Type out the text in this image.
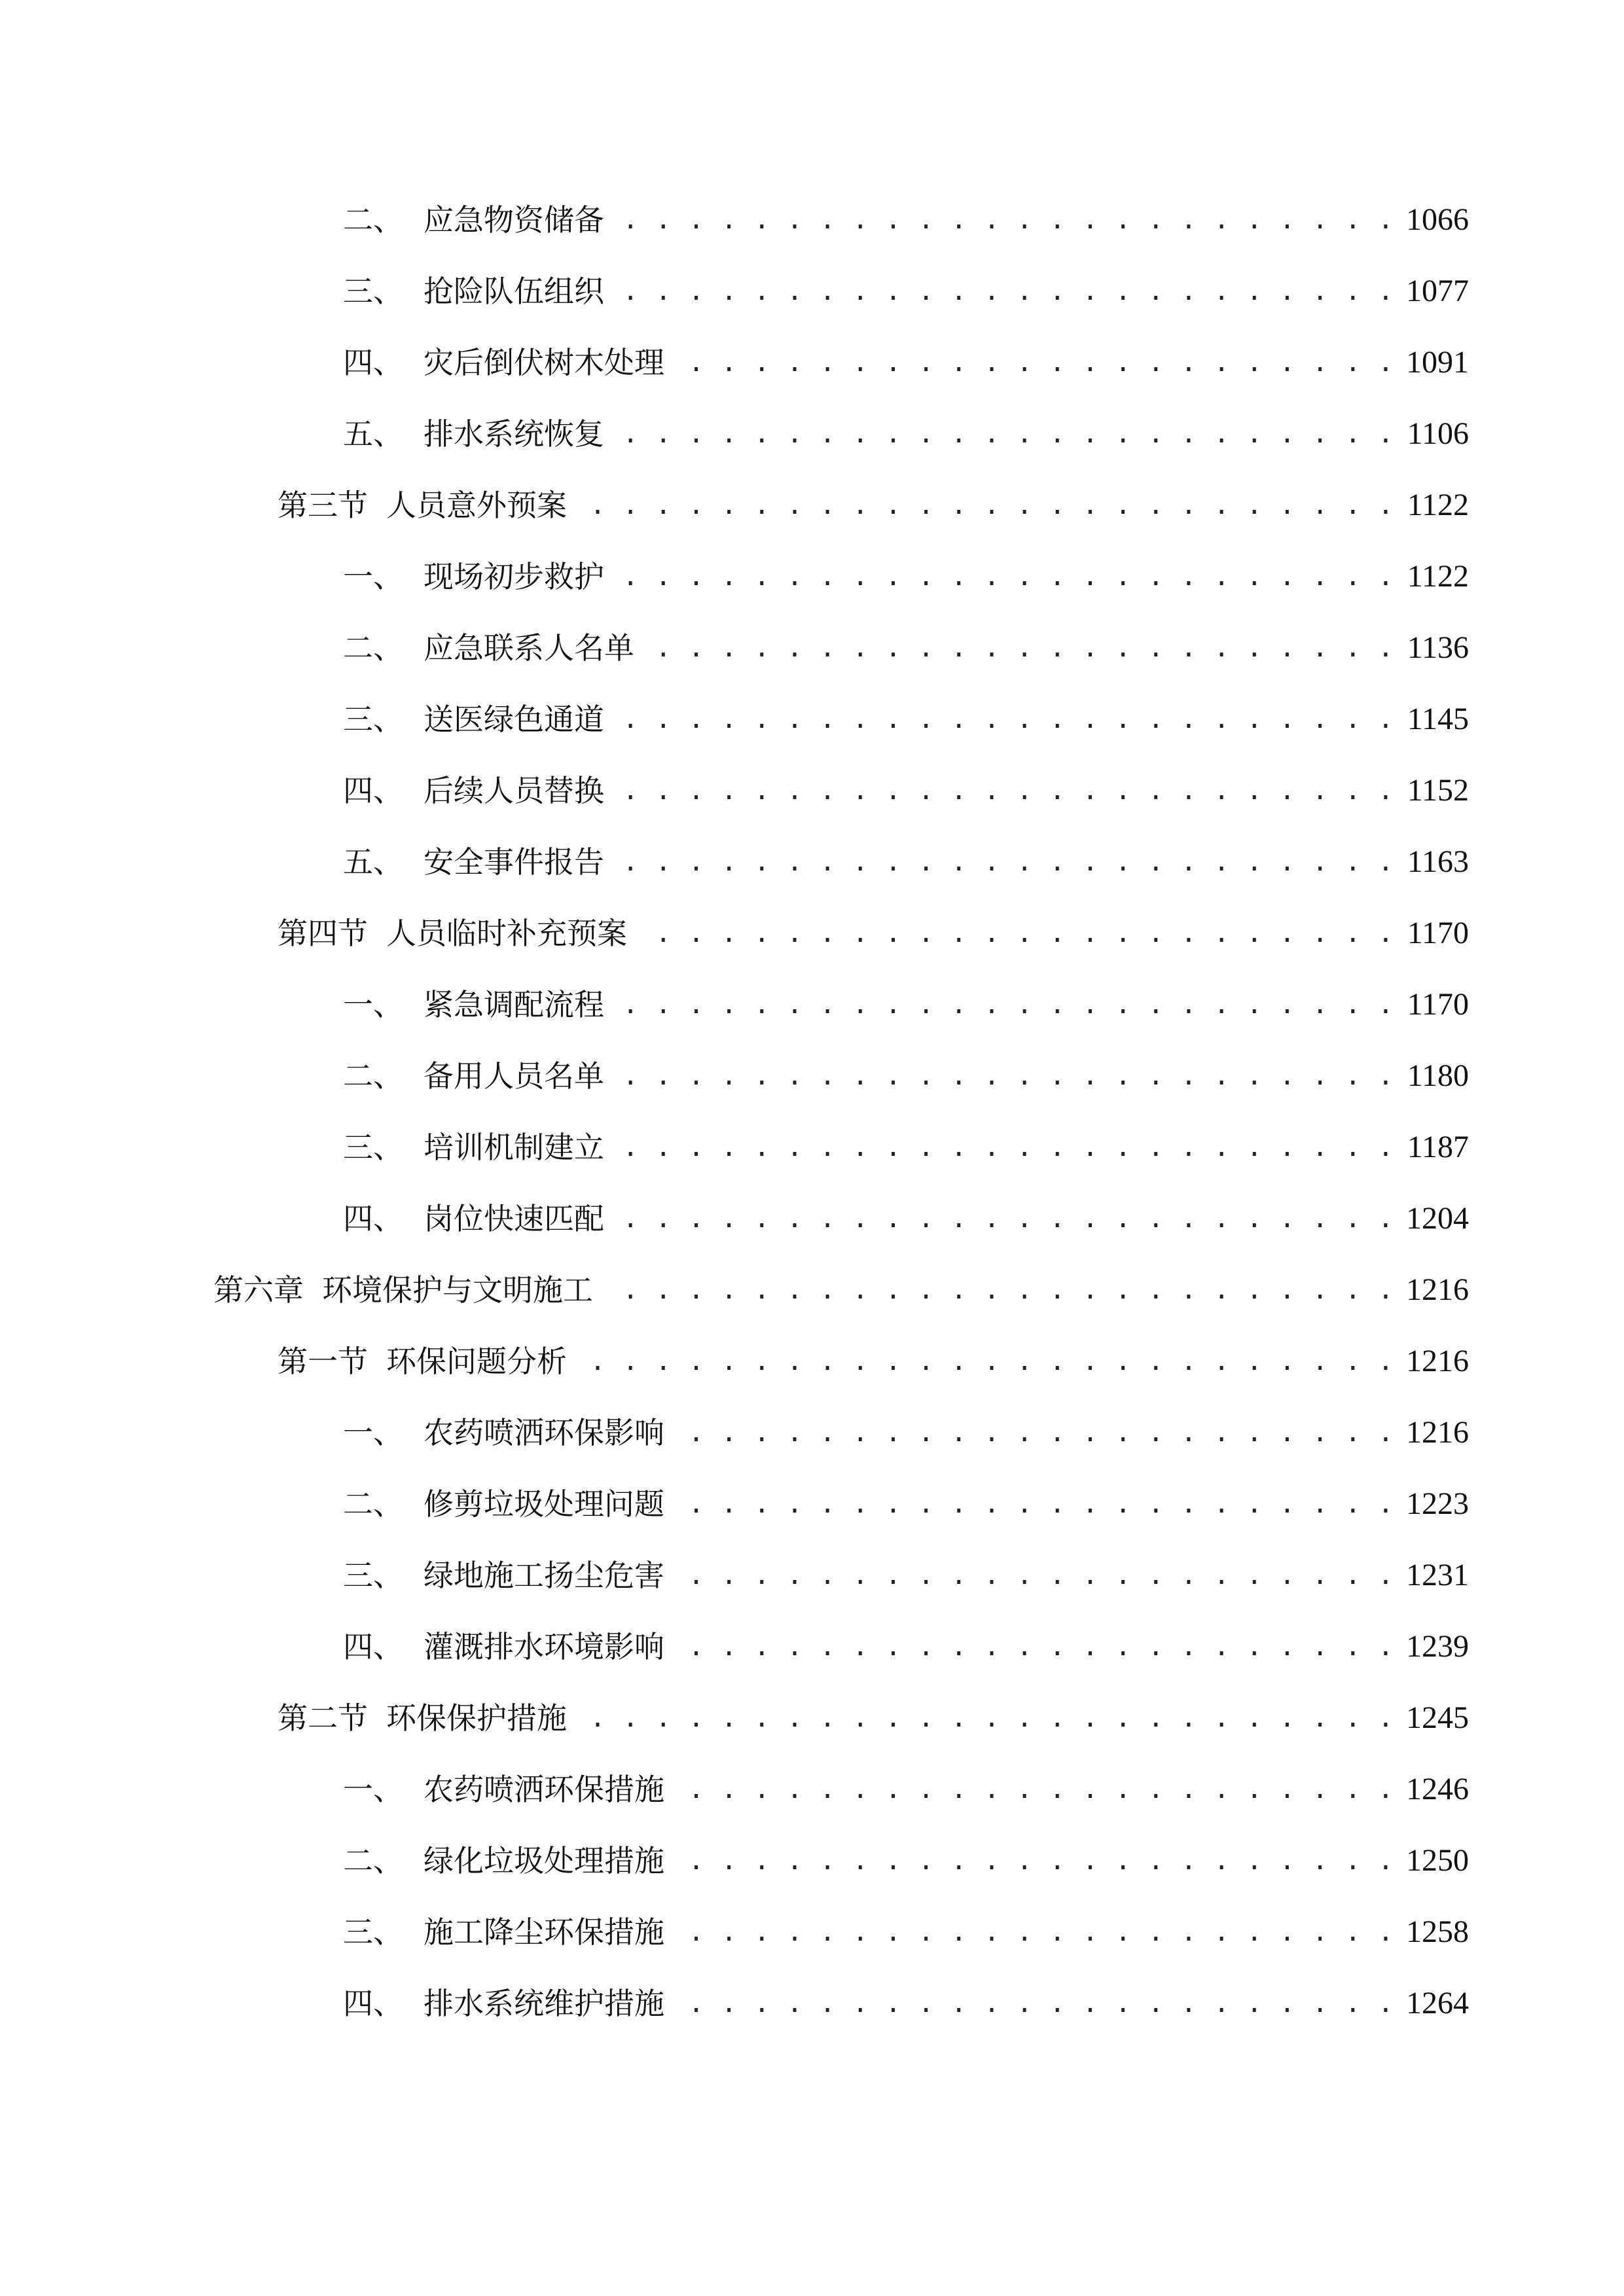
二、 应急物资储备 . . .	1066
三、 抢险队伍组织 . . .	1077
四、 灾后倒伏树木处理 . . .	1091
五、 排水系统恢复 . . .	1106
第三节 人员意外预案 . . .	1122
一、 现场初步救护 . . .	1122
二、 应急联系人名单 . . .	1136
三、 送医绿色通道 . . .	1145
四、 后续人员替换 . . .	1152
五、 安全事件报告 . . .	1163
第四节 人员临时补充预案 . . .	1170
一、 紧急调配流程 . . .	1170
二、 备用人员名单 . . .	1180
三、 培训机制建立 . . .	1187
四、 岗位快速匹配 . . .	1204
第六章 环境保护与文明施工 . . .	1216
第一节 环保问题分析 . . .	1216
一、 农药喷洒环保影响 . . .	1216
二、 修剪垃圾处理问题 . . .	1223
三、 绿地施工扬尘危害 . . .	1231
四、 灌溉排水环境影响 . . .	1239
第二节 环保保护措施 . . .	1245
一、 农药喷洒环保措施 . . .	1246
二、 绿化垃圾处理措施 . . .	1250
三、 施工降尘环保措施 . . .	1258
四、 排水系统维护措施 . . .	1264
